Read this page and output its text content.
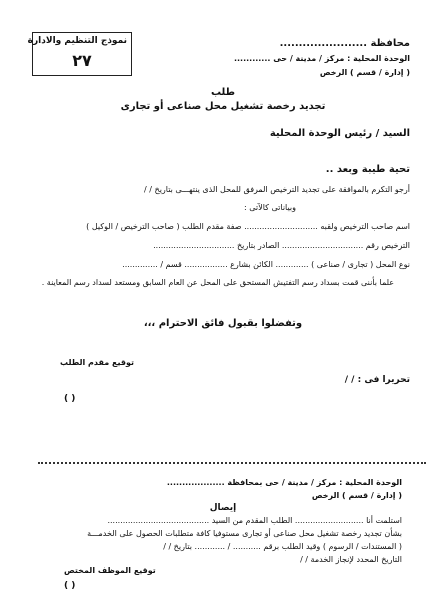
نموذج التنظيم والادارة
٢٧
محافظة .......................
الوحدة المحلية : مركز / مدينة / حى ............
( إدارة / قسم ) الرخص
طلب
تجديد رخصة تشغيل محل صناعى أو تجارى
السيد / رئيس الوحدة المحلية
تحية طيبة وبعد ..
أرجو التكرم بالموافقة على تجديد الترخيص المرفق للمحل الذى ينتهـــى بتاريخ / /
وبياناتى كالآتى :
اسم صاحب الترخيص ولقبه ............................. صفة مقدم الطلب ( صاحب الترخيص / الوكيل )
الترخيص رقم ................................ الصادر بتاريخ ................................
نوع المحل ( تجارى / صناعى ) ............. الكائن بشارع ................. قسم / ..............
علما بأننى قمت بسداد رسم التفتيش المستحق على المحل عن العام السابق ومستعد لسداد رسم المعاينة .
وتفضلوا بقبول فائق الاحترام ،،،
توقيع مقدم الطلب
تحريرا فى : / /
( )
الوحدة المحلية : مركز / مدينة / حى بمحافظة ...................
( إدارة / قسم ) الرخص
إيصال
استلمت أنا ........................... الطلب المقدم من السيد ........................................
بشأن تجديد رخصة تشغيل محل صناعى أو تجارى مستوفيا كافة متطلبات الحصول على الخدمـــة
( المستندات / الرسوم ) وقيد الطلب برقم ........... / ............ بتاريخ / /
التاريخ المحدد لإنجاز الخدمة / /
توقيع الموظف المختص
( )
